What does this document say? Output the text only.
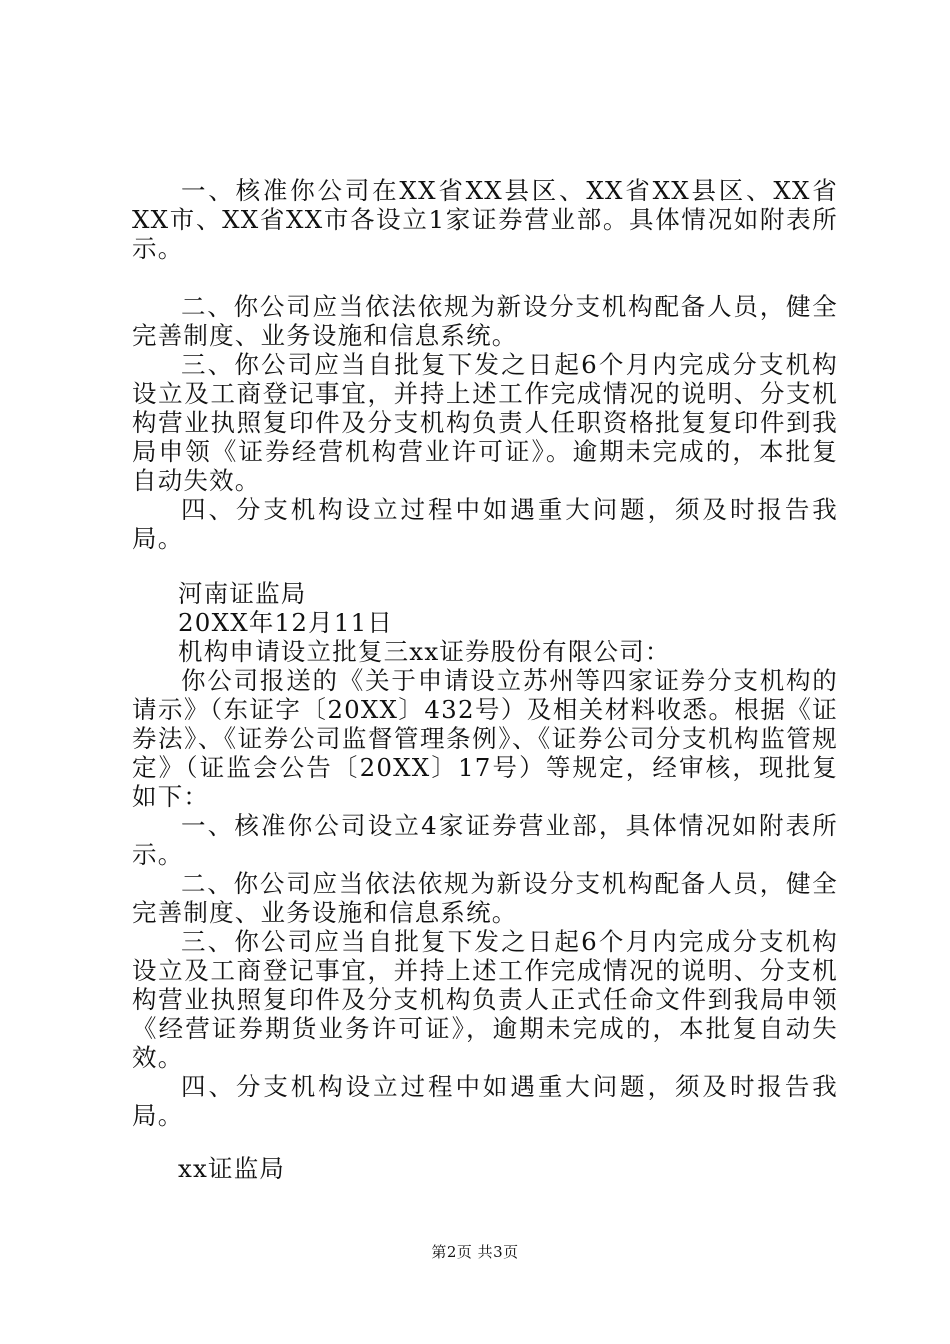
一、核准你公司在XX省XX县区、XX省XX县区、XX省XX市、XX省XX市各设立1家证券营业部。具体情况如附表所示。

二、你公司应当依法依规为新设分支机构配备人员，健全完善制度、业务设施和信息系统。

三、你公司应当自批复下发之日起6个月内完成分支机构设立及工商登记事宜，并持上述工作完成情况的说明、分支机构营业执照复印件及分支机构负责人任职资格批复复印件到我局申领《证券经营机构营业许可证》。逾期未完成的，本批复自动失效。

四、分支机构设立过程中如遇重大问题，须及时报告我局。

河南证监局

20XX年12月11日

机构申请设立批复三xx证券股份有限公司：

你公司报送的《关于申请设立苏州等四家证券分支机构的请示》（东证字〔20XX〕432号）及相关材料收悉。根据《证券法》、《证券公司监督管理条例》、《证券公司分支机构监管规定》（证监会公告〔20XX〕17号）等规定，经审核，现批复如下：

一、核准你公司设立4家证券营业部，具体情况如附表所示。

二、你公司应当依法依规为新设分支机构配备人员，健全完善制度、业务设施和信息系统。

三、你公司应当自批复下发之日起6个月内完成分支机构设立及工商登记事宜，并持上述工作完成情况的说明、分支机构营业执照复印件及分支机构负责人正式任命文件到我局申领《经营证券期货业务许可证》，逾期未完成的，本批复自动失效。

四、分支机构设立过程中如遇重大问题，须及时报告我局。

xx证监局

第2页 共3页
